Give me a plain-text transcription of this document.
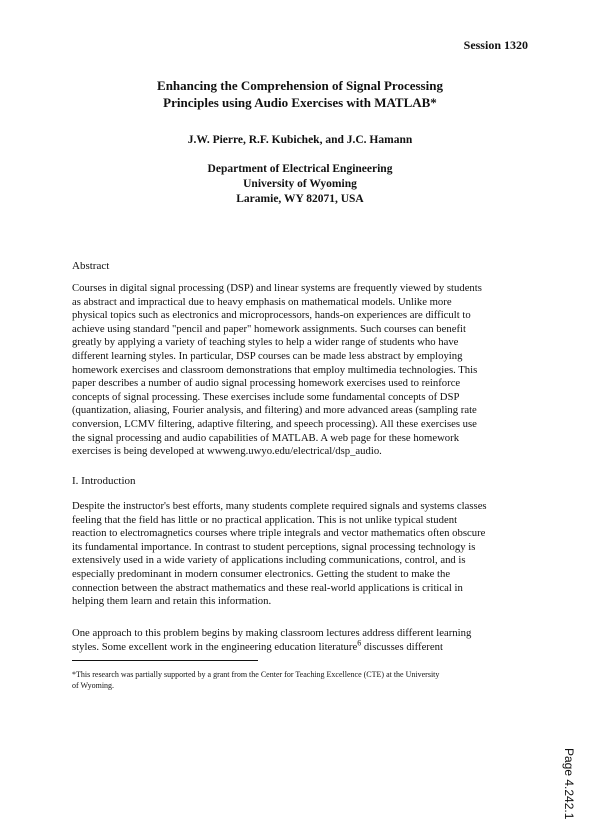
Session 1320
Enhancing the Comprehension of Signal Processing
Principles using Audio Exercises with MATLAB*
J.W. Pierre, R.F. Kubichek, and J.C. Hamann
Department of Electrical Engineering
University of Wyoming
Laramie, WY 82071, USA
Abstract
Courses in digital signal processing (DSP) and linear systems are frequently viewed by students
as abstract and impractical due to heavy emphasis on mathematical models. Unlike more
physical topics such as electronics and microprocessors, hands-on experiences are difficult to
achieve using standard "pencil and paper" homework assignments. Such courses can benefit
greatly by applying a variety of teaching styles to help a wider range of students who have
different learning styles. In particular, DSP courses can be made less abstract by employing
homework exercises and classroom demonstrations that employ multimedia technologies. This
paper describes a number of audio signal processing homework exercises used to reinforce
concepts of signal processing. These exercises include some fundamental concepts of DSP
(quantization, aliasing, Fourier analysis, and filtering) and more advanced areas (sampling rate
conversion, LCMV filtering, adaptive filtering, and speech processing). All these exercises use
the signal processing and audio capabilities of MATLAB. A web page for these homework
exercises is being developed at wwweng.uwyo.edu/electrical/dsp_audio.
I. Introduction
Despite the instructor's best efforts, many students complete required signals and systems classes
feeling that the field has little or no practical application. This is not unlike typical student
reaction to electromagnetics courses where triple integrals and vector mathematics often obscure
its fundamental importance. In contrast to student perceptions, signal processing technology is
extensively used in a wide variety of applications including communications, control, and is
especially predominant in modern consumer electronics. Getting the student to make the
connection between the abstract mathematics and these real-world applications is critical in
helping them learn and retain this information.
One approach to this problem begins by making classroom lectures address different learning
styles. Some excellent work in the engineering education literature$^6$ discusses different
*This research was partially supported by a grant from the Center for Teaching Excellence (CTE) at the University
of Wyoming.
Page 4.242.1
